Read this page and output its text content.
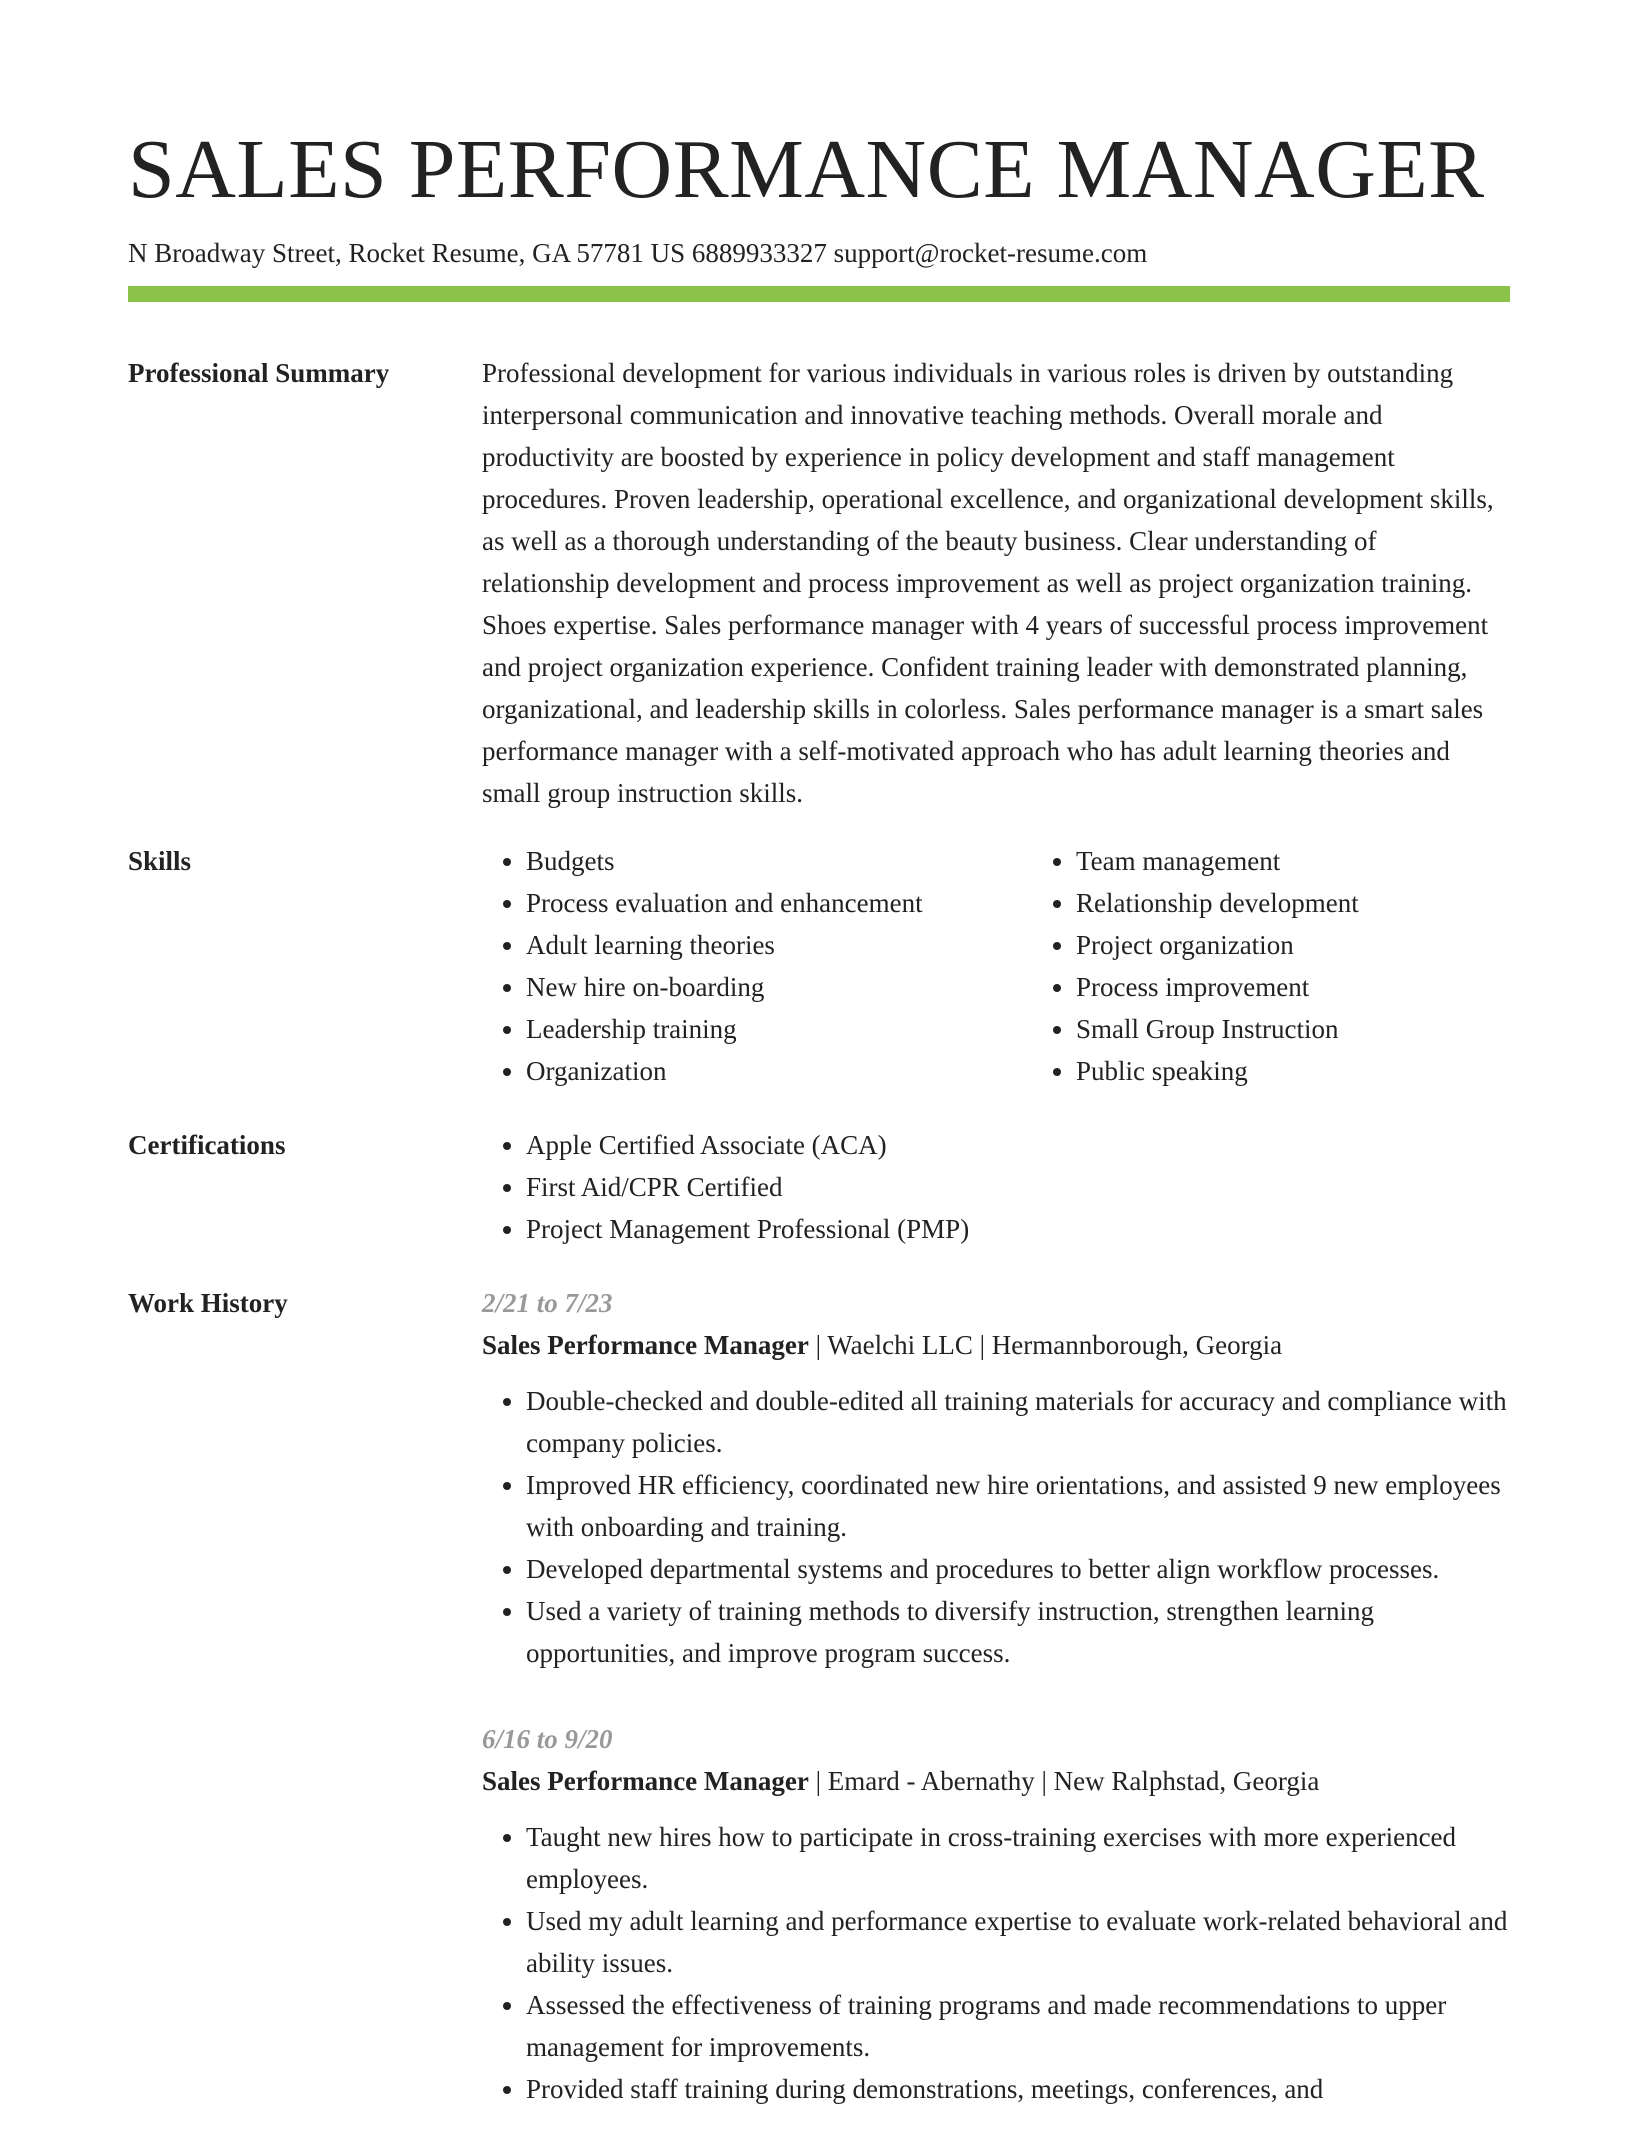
SALES PERFORMANCE MANAGER
N Broadway Street, Rocket Resume, GA 57781 US 6889933327 support@rocket-resume.com
Professional Summary	Professional development for various individuals in various roles is driven by outstanding interpersonal communication and innovative teaching methods. Overall morale and productivity are boosted by experience in policy development and staff management procedures. Proven leadership, operational excellence, and organizational development skills, as well as a thorough understanding of the beauty business. Clear understanding of relationship development and process improvement as well as project organization training. Shoes expertise. Sales performance manager with 4 years of successful process improvement and project organization experience. Confident training leader with demonstrated planning, organizational, and leadership skills in colorless. Sales performance manager is a smart sales performance manager with a self-motivated approach who has adult learning theories and small group instruction skills.

Skills	• Budgets
• Process evaluation and enhancement
• Adult learning theories
• New hire on-boarding
• Leadership training
• Organization
• Team management
• Relationship development
• Project organization
• Process improvement
• Small Group Instruction
• Public speaking
Certifications	• Apple Certified Associate (ACA)
• First Aid/CPR Certified
• Project Management Professional (PMP)
Work History	2/21 to 7/23
Sales Performance Manager | Waelchi LLC | Hermannborough, Georgia
• Double-checked and double-edited all training materials for accuracy and compliance with company policies.
• Improved HR efficiency, coordinated new hire orientations, and assisted 9 new employees with onboarding and training.
• Developed departmental systems and procedures to better align workflow processes.
• Used a variety of training methods to diversify instruction, strengthen learning opportunities, and improve program success.
6/16 to 9/20
Sales Performance Manager | Emard - Abernathy | New Ralphstad, Georgia
• Taught new hires how to participate in cross-training exercises with more experienced employees.
• Used my adult learning and performance expertise to evaluate work-related behavioral and ability issues.
• Assessed the effectiveness of training programs and made recommendations to upper management for improvements.
• Provided staff training during demonstrations, meetings, conferences, and
